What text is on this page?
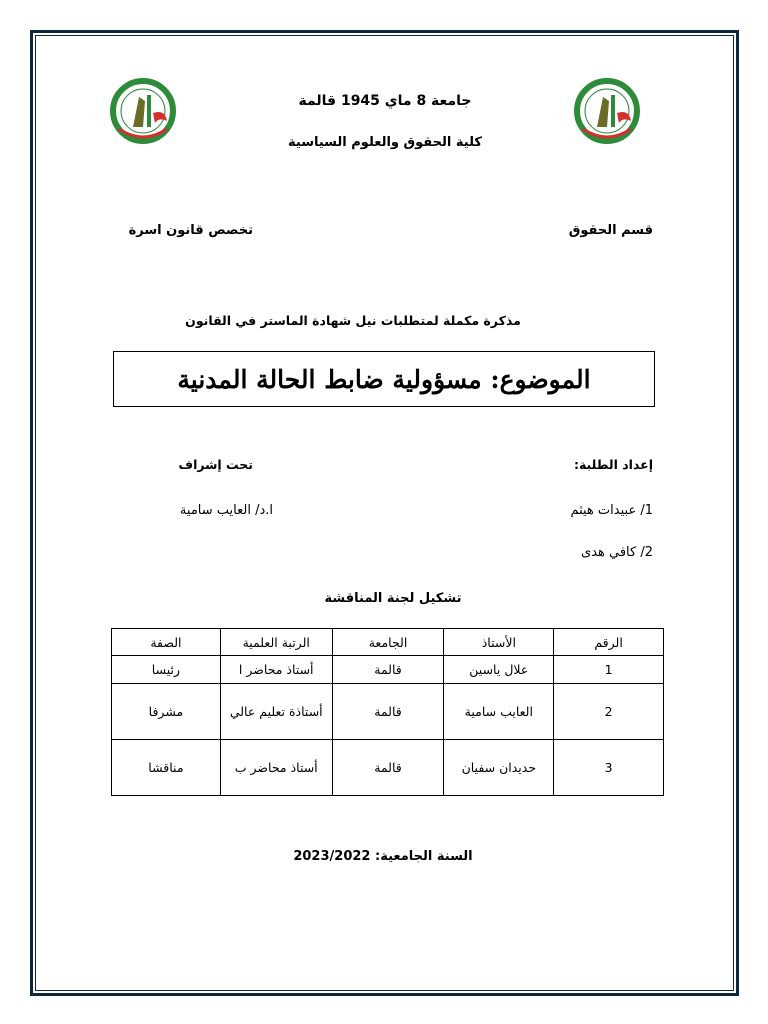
جامعة 8 ماي 1945 قالمة
كلية الحقوق والعلوم السياسية
قسم الحقوق
تخصص قانون اسرة
مذكرة مكملة لمتطلبات نيل شهادة الماستر في القانون
الموضوع: مسؤولية ضابط الحالة المدنية
إعداد الطلبة:
تحت إشراف
1/ عبيدات هيثم
ا.د/ العايب سامية
2/ كافي هدى
تشكيل لجنة المناقشة
الرقم	الأستاذ	الجامعة	الرتبة العلمية	الصفة
1	علال ياسين	قالمة	أستاذ محاضر ا	رئيسا
2	العايب سامية	قالمة	أستاذة تعليم عالي	مشرفا
3	حديدان سفيان	قالمة	أستاذ محاضر ب	مناقشا
السنة الجامعية: 2023/2022
